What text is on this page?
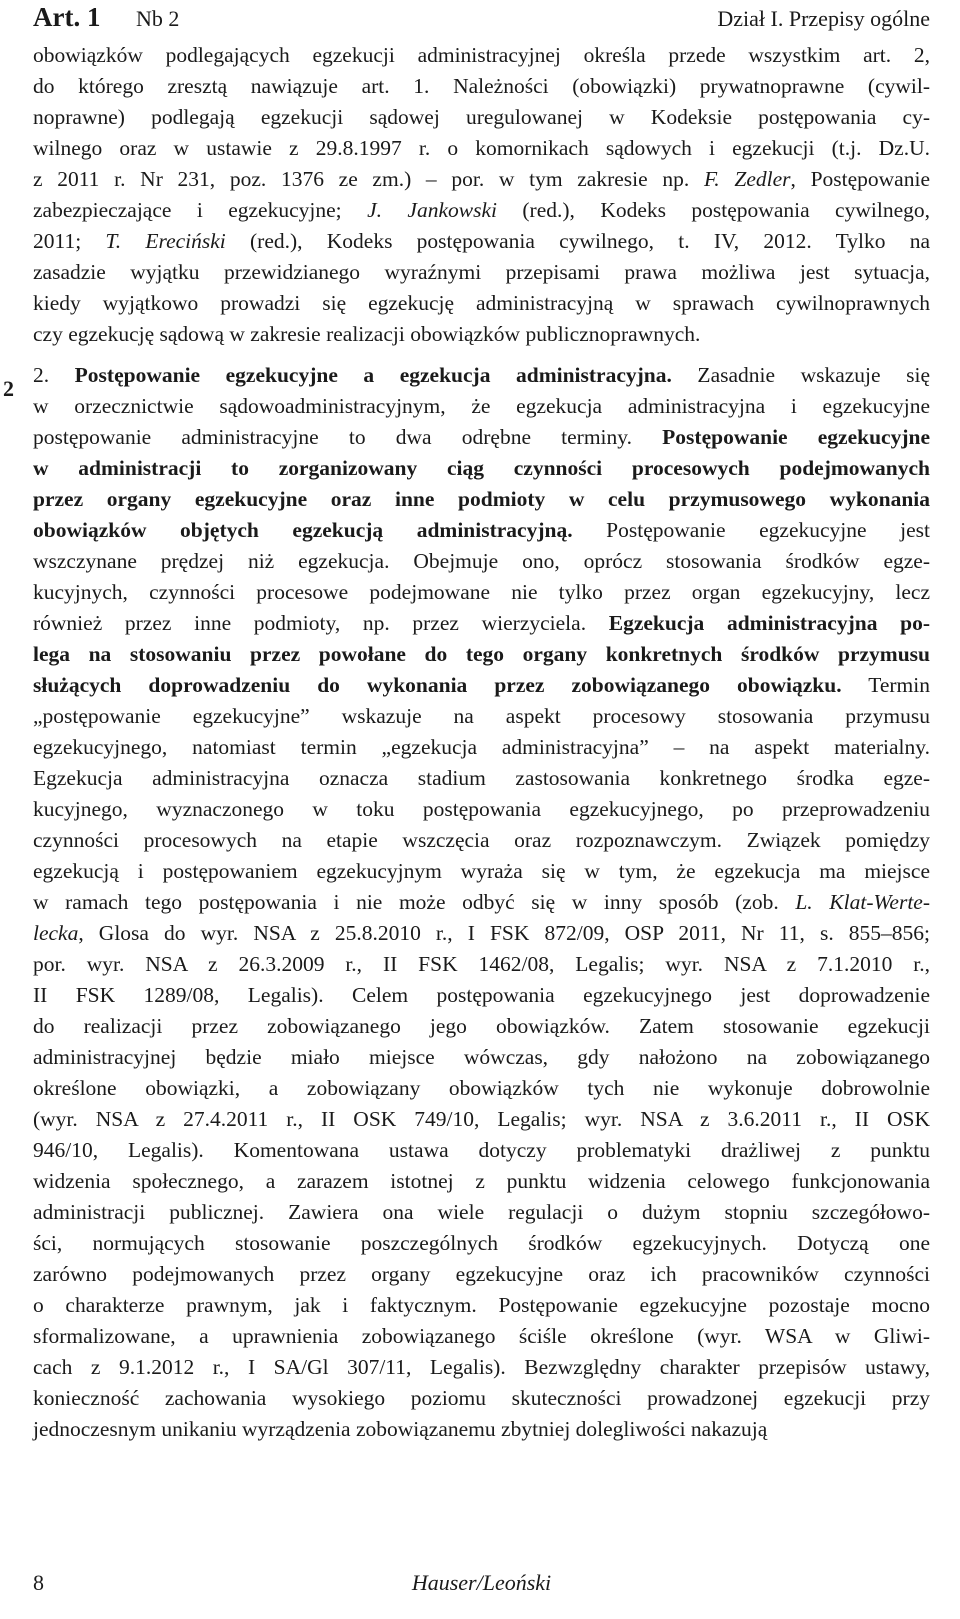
Art. 1 Nb 2	Dział I. Przepisy ogólne
2
obowiązków podlegających egzekucji administracyjnej określa przede wszystkim art. 2,
do którego zresztą nawiązuje art. 1. Należności (obowiązki) prywatnoprawne (cywil-
noprawne) podlegają egzekucji sądowej uregulowanej w Kodeksie postępowania cy-
wilnego oraz w ustawie z 29.8.1997 r. o komornikach sądowych i egzekucji (t.j. Dz.U.
z 2011 r. Nr 231, poz. 1376 ze zm.) – por. w tym zakresie np. F. Zedler, Postępowanie
zabezpieczające i egzekucyjne; J. Jankowski (red.), Kodeks postępowania cywilnego,
2011; T. Ereciński (red.), Kodeks postępowania cywilnego, t. IV, 2012. Tylko na
zasadzie wyjątku przewidzianego wyraźnymi przepisami prawa możliwa jest sytuacja,
kiedy wyjątkowo prowadzi się egzekucję administracyjną w sprawach cywilnoprawnych
czy egzekucję sądową w zakresie realizacji obowiązków publicznoprawnych.
2. Postępowanie egzekucyjne a egzekucja administracyjna. Zasadnie wskazuje się
w orzecznictwie sądowoadministracyjnym, że egzekucja administracyjna i egzekucyjne
postępowanie administracyjne to dwa odrębne terminy. Postępowanie egzekucyjne
w administracji to zorganizowany ciąg czynności procesowych podejmowanych
przez organy egzekucyjne oraz inne podmioty w celu przymusowego wykonania
obowiązków objętych egzekucją administracyjną. Postępowanie egzekucyjne jest
wszczynane prędzej niż egzekucja. Obejmuje ono, oprócz stosowania środków egze-
kucyjnych, czynności procesowe podejmowane nie tylko przez organ egzekucyjny, lecz
również przez inne podmioty, np. przez wierzyciela. Egzekucja administracyjna po-
lega na stosowaniu przez powołane do tego organy konkretnych środków przymusu
służących doprowadzeniu do wykonania przez zobowiązanego obowiązku. Termin
„postępowanie egzekucyjne” wskazuje na aspekt procesowy stosowania przymusu
egzekucyjnego, natomiast termin „egzekucja administracyjna” – na aspekt materialny.
Egzekucja administracyjna oznacza stadium zastosowania konkretnego środka egze-
kucyjnego, wyznaczonego w toku postępowania egzekucyjnego, po przeprowadzeniu
czynności procesowych na etapie wszczęcia oraz rozpoznawczym. Związek pomiędzy
egzekucją i postępowaniem egzekucyjnym wyraża się w tym, że egzekucja ma miejsce
w ramach tego postępowania i nie może odbyć się w inny sposób (zob. L. Klat-Werte-
lecka, Glosa do wyr. NSA z 25.8.2010 r., I FSK 872/09, OSP 2011, Nr 11, s. 855–856;
por. wyr. NSA z 26.3.2009 r., II FSK 1462/08, Legalis; wyr. NSA z 7.1.2010 r.,
II FSK 1289/08, Legalis). Celem postępowania egzekucyjnego jest doprowadzenie
do realizacji przez zobowiązanego jego obowiązków. Zatem stosowanie egzekucji
administracyjnej będzie miało miejsce wówczas, gdy nałożono na zobowiązanego
określone obowiązki, a zobowiązany obowiązków tych nie wykonuje dobrowolnie
(wyr. NSA z 27.4.2011 r., II OSK 749/10, Legalis; wyr. NSA z 3.6.2011 r., II OSK
946/10, Legalis). Komentowana ustawa dotyczy problematyki drażliwej z punktu
widzenia społecznego, a zarazem istotnej z punktu widzenia celowego funkcjonowania
administracji publicznej. Zawiera ona wiele regulacji o dużym stopniu szczegółowo-
ści, normujących stosowanie poszczególnych środków egzekucyjnych. Dotyczą one
zarówno podejmowanych przez organy egzekucyjne oraz ich pracowników czynności
o charakterze prawnym, jak i faktycznym. Postępowanie egzekucyjne pozostaje mocno
sformalizowane, a uprawnienia zobowiązanego ściśle określone (wyr. WSA w Gliwi-
cach z 9.1.2012 r., I SA/Gl 307/11, Legalis). Bezwzględny charakter przepisów ustawy,
konieczność zachowania wysokiego poziomu skuteczności prowadzonej egzekucji przy
jednoczesnym unikaniu wyrządzenia zobowiązanemu zbytniej dolegliwości nakazują
8	Hauser/Leoński
